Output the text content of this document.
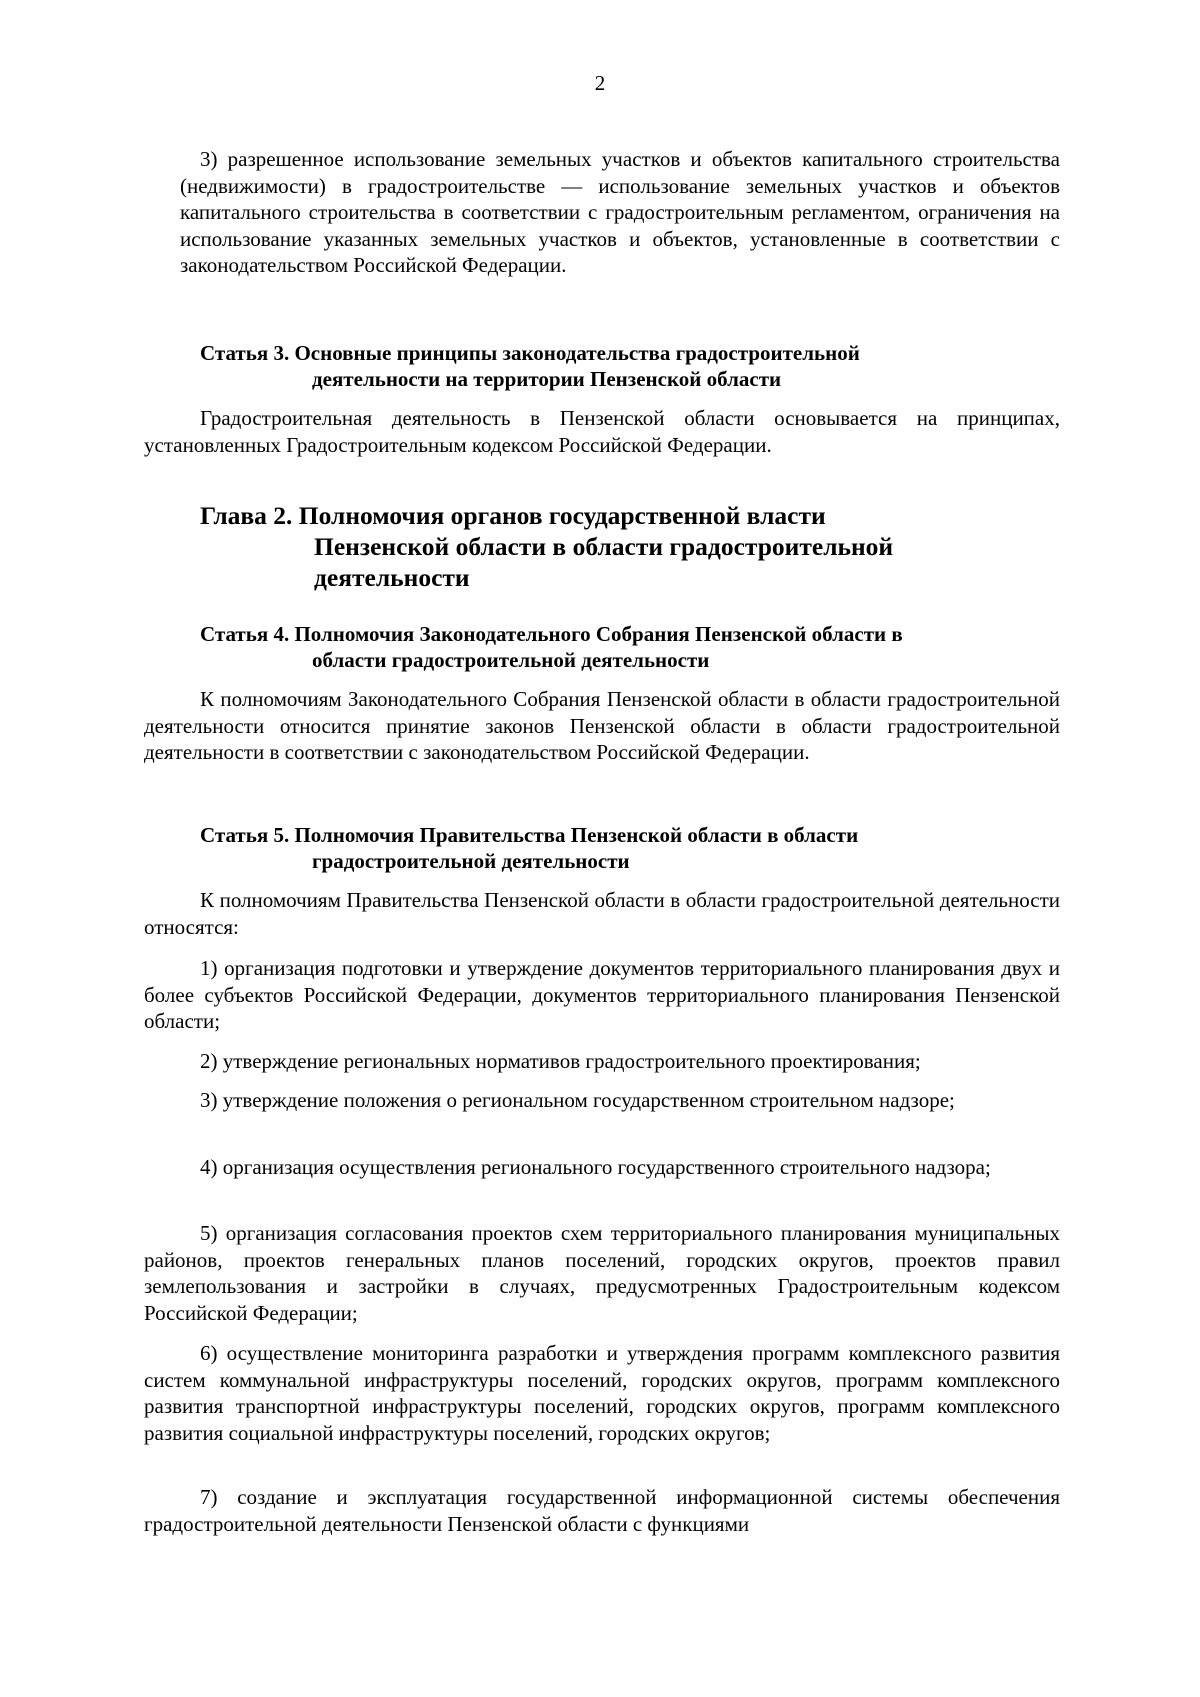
2

3) разрешенное использование земельных участков и объектов капитального строительства (недвижимости) в градостроительстве — использование земельных участков и объектов капитального строительства в соответствии с градостроительным регламентом, ограничения на использование указанных земельных участков и объектов, установленные в соответствии с законодательством Российской Федерации.

Статья 3. Основные принципы законодательства градостроительной
деятельности на территории Пензенской области

Градостроительная деятельность в Пензенской области основывается на принципах, установленных Градостроительным кодексом Российской Федерации.

Глава 2. Полномочия органов государственной власти
Пензенской области в области градостроительной
деятельности
Статья 4. Полномочия Законодательного Собрания Пензенской области в
области градостроительной деятельности

К полномочиям Законодательного Собрания Пензенской области в области градостроительной деятельности относится принятие законов Пензенской области в области градостроительной деятельности в соответствии с законодательством Российской Федерации.

Статья 5. Полномочия Правительства Пензенской области в области
градостроительной деятельности

К полномочиям Правительства Пензенской области в области градостроительной деятельности относятся:

1) организация подготовки и утверждение документов территориального планирования двух и более субъектов Российской Федерации, документов территориального планирования Пензенской области;

2) утверждение региональных нормативов градостроительного проектирования;

3) утверждение положения о региональном государственном строительном надзоре;

4) организация осуществления регионального государственного строительного надзора;

5) организация согласования проектов схем территориального планирования муниципальных районов, проектов генеральных планов поселений, городских округов, проектов правил землепользования и застройки в случаях, предусмотренных Градостроительным кодексом Российской Федерации;

6) осуществление мониторинга разработки и утверждения программ комплексного развития систем коммунальной инфраструктуры поселений, городских округов, программ комплексного развития транспортной инфраструктуры поселений, городских округов, программ комплексного развития социальной инфраструктуры поселений, городских округов;

7) создание и эксплуатация государственной информационной системы обеспечения градостроительной деятельности Пензенской области с функциями
